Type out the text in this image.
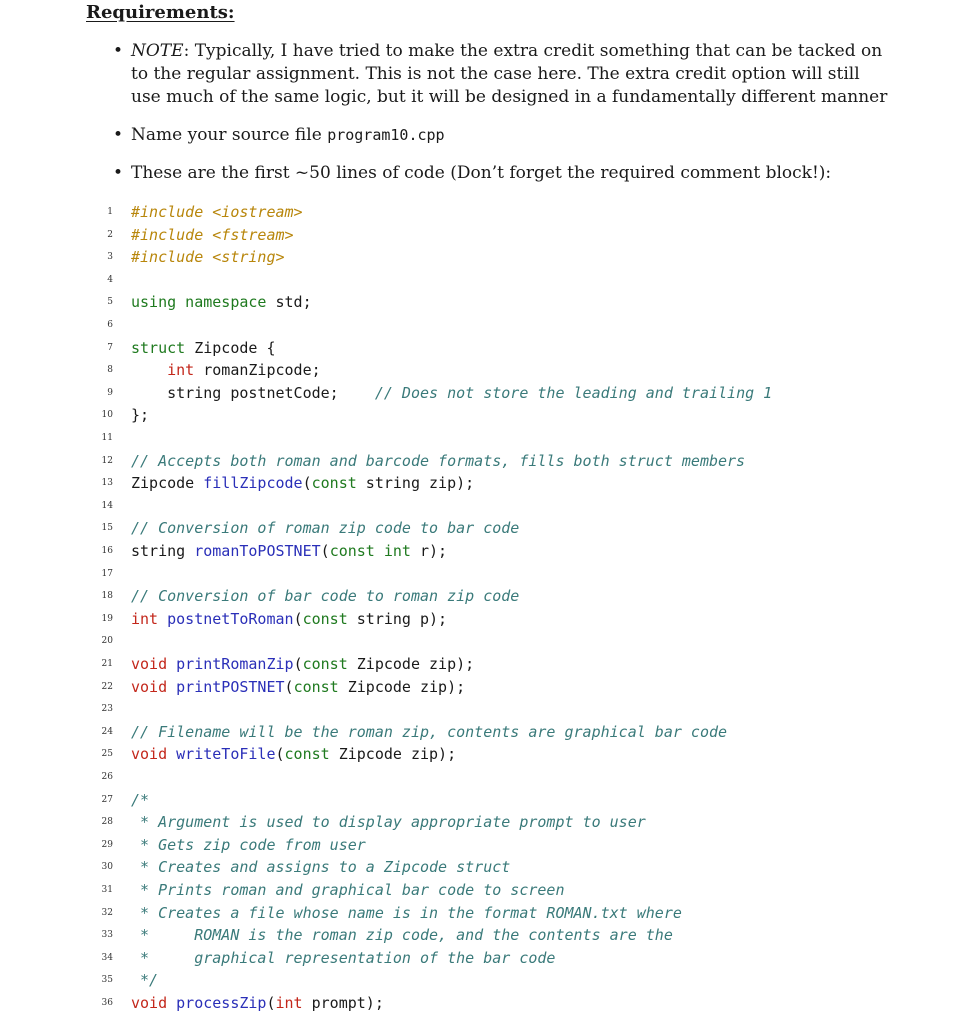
Requirements:
• NOTE: Typically, I have tried to make the extra credit something that can be tacked on to the regular assignment. This is not the case here. The extra credit option will still use much of the same logic, but it will be designed in a fundamentally different manner
• Name your source file program10.cpp
• These are the first ~50 lines of code (Don’t forget the required comment block!):
1 #include <iostream>
2 #include <fstream>
3 #include <string>
4
5 using namespace std;
6
7 struct Zipcode {
8 int romanZipcode;
9 string postnetCode;    // Does not store the leading and trailing 1
10 };
11
12 // Accepts both roman and barcode formats, fills both struct members
13 Zipcode fillZipcode(const string zip);
14
15 // Conversion of roman zip code to bar code
16 string romanToPOSTNET(const int r);
17
18 // Conversion of bar code to roman zip code
19 int postnetToRoman(const string p);
20
21 void printRomanZip(const Zipcode zip);
22 void printPOSTNET(const Zipcode zip);
23
24 // Filename will be the roman zip, contents are graphical bar code
25 void writeToFile(const Zipcode zip);
26
27 /*
28 * Argument is used to display appropriate prompt to user
29 * Gets zip code from user
30 * Creates and assigns to a Zipcode struct
31 * Prints roman and graphical bar code to screen
32 * Creates a file whose name is in the format ROMAN.txt where
33 *     ROMAN is the roman zip code, and the contents are the
34 *     graphical representation of the bar code
35 */
36 void processZip(int prompt);
